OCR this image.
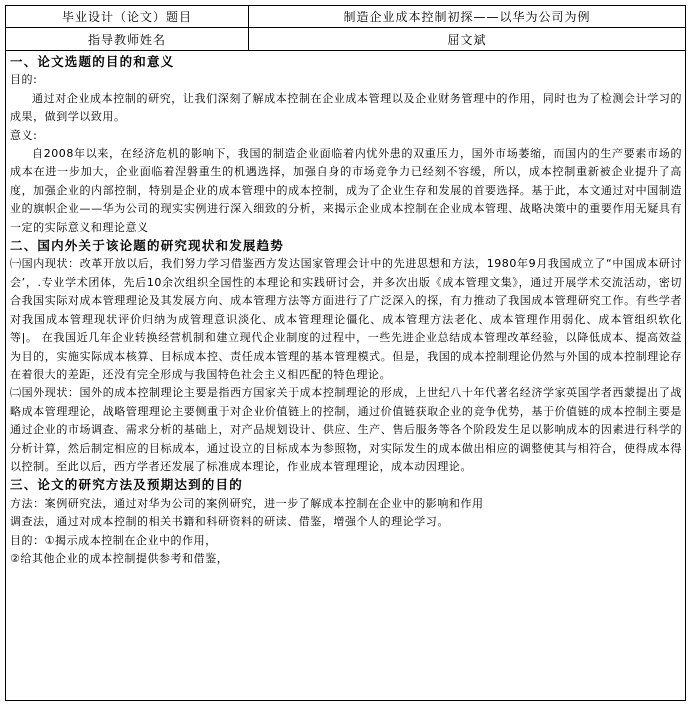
毕业设计（论文）题目	制造企业成本控制初探——以华为公司为例
指导教师姓名	屈文斌
一、论文选题的目的和意义

目的:

通过对企业成本控制的研究，让我们深刻了解成本控制在企业成本管理以及企业财务管理中的作用，同时也为了检测会计学习的成果，做到学以致用。

意义:

自2008年以来，在经济危机的影响下，我国的制造企业面临着内忧外患的双重压力，国外市场萎缩，而国内的生产要素市场的成本在进一步加大，企业面临着涅磐重生的机遇选择，加强自身的市场竞争力已经刻不容缓，所以，成本控制重新被企业提升了高度，加强企业的内部控制，特别是企业的成本管理中的成本控制，成为了企业生存和发展的首要选择。基于此，本文通过对中国制造业的旗帜企业——华为公司的现实实例进行深入细致的分析，来揭示企业成本控制在企业成本管理、战略决策中的重要作用无疑具有一定的实际意义和理论意义

二、国内外关于该论题的研究现状和发展趋势

㈠国内现状：改革开放以后，我们努力学习借鉴西方发达国家管理会计中的先进思想和方法，1980年9月我国成立了“中国成本研讨会’，.专业学术团体，先后10余次组织全国性的本理论和实践研讨会，并多次出版《成本管理文集》，通过开展学术交流活动，密切合我国实际对成本管理理论及其发展方向、成本管理方法等方面进行了广泛深入的探，有力推动了我国成本管理研究工作。有些学者对我国成本管理现状评价归纳为成管理意识淡化、成本管理理论僵化、成本管理方法老化、成本管理作用弱化、成本管组织软化等|。 在我国近几年企业转换经营机制和建立现代企业制度的过程中，一些先进企业总结成本管理改革经验，以降低成本、提高效益为目的，实施实际成本核算、目标成本控、责任成本管理的基本管理模式。但是，我国的成本控制理论仍然与外国的成本控制理论存在着很大的差距，还没有完全形成与我国特色社会主义相匹配的特色理论。

㈡国外现状：国外的成本控制理论主要是指西方国家关于成本控制理论的形成，上世纪八十年代著名经济学家英国学者西蒙提出了战略成本管理理论，战略管理理论主要侧重于对企业价值链上的控制，通过价值链获取企业的竞争优势，基于价值链的成本控制主要是通过企业的市场调查、需求分析的基础上，对产品规划设计、供应、生产、售后服务等各个阶段发生足以影响成本的因素进行科学的分析计算，然后制定相应的目标成本，通过设立的目标成本为参照物，对实际发生的成本做出相应的调整使其与相符合，使得成本得以控制。至此以后，西方学者还发展了标准成本理论，作业成本管理理论，成本动因理论。

三、论文的研究方法及预期达到的目的

方法：案例研究法，通过对华为公司的案例研究，进一步了解成本控制在企业中的影响和作用

调查法，通过对成本控制的相关书籍和科研资料的研读、借鉴，增强个人的理论学习。

目的：①揭示成本控制在企业中的作用，

②给其他企业的成本控制提供参考和借鉴，
